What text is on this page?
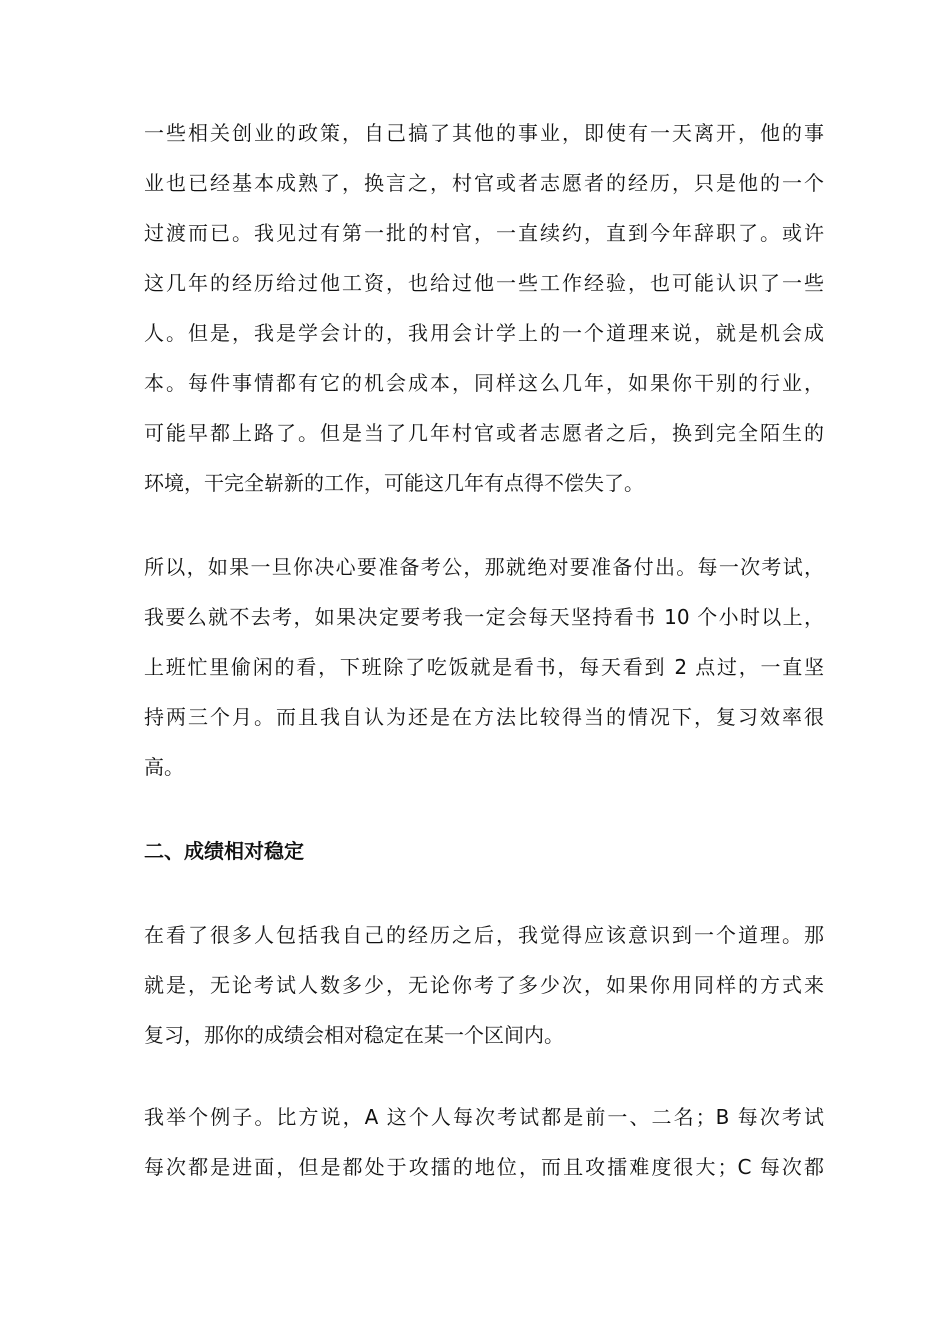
一些相关创业的政策，自己搞了其他的事业，即使有一天离开，他的事
业也已经基本成熟了，换言之，村官或者志愿者的经历，只是他的一个
过渡而已。我见过有第一批的村官，一直续约，直到今年辞职了。或许
这几年的经历给过他工资，也给过他一些工作经验，也可能认识了一些
人。但是，我是学会计的，我用会计学上的一个道理来说，就是机会成
本。每件事情都有它的机会成本，同样这么几年，如果你干别的行业，
可能早都上路了。但是当了几年村官或者志愿者之后，换到完全陌生的
环境，干完全崭新的工作，可能这几年有点得不偿失了。
所以，如果一旦你决心要准备考公，那就绝对要准备付出。每一次考试，
我要么就不去考，如果决定要考我一定会每天坚持看书 10 个小时以上，
上班忙里偷闲的看，下班除了吃饭就是看书，每天看到 2 点过，一直坚
持两三个月。而且我自认为还是在方法比较得当的情况下，复习效率很
高。
二、成绩相对稳定
在看了很多人包括我自己的经历之后，我觉得应该意识到一个道理。那
就是，无论考试人数多少，无论你考了多少次，如果你用同样的方式来
复习，那你的成绩会相对稳定在某一个区间内。
我举个例子。比方说，A 这个人每次考试都是前一、二名；B 每次考试
每次都是进面，但是都处于攻擂的地位，而且攻擂难度很大；C 每次都
